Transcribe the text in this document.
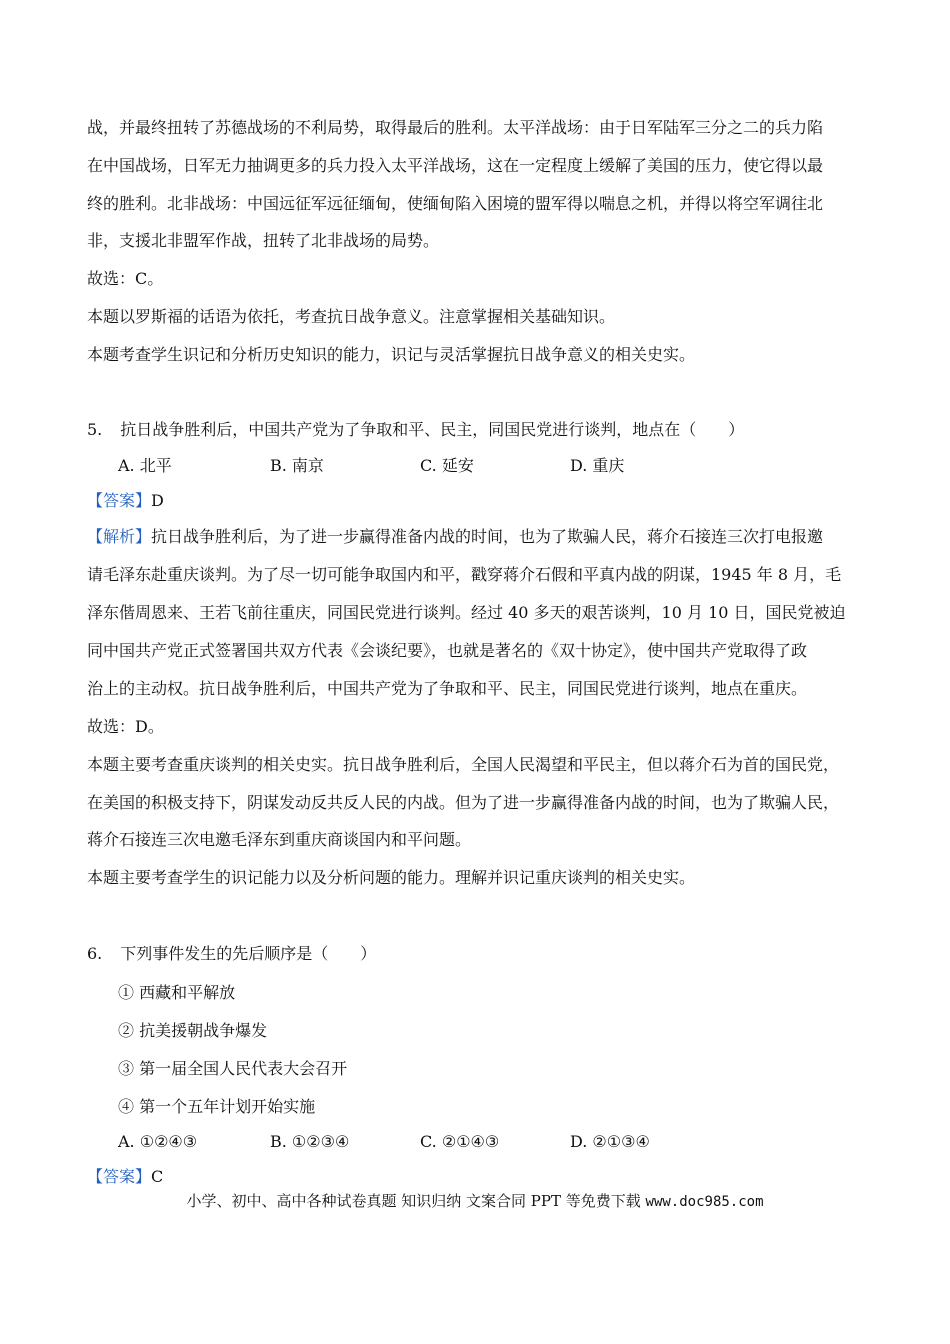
战，并最终扭转了苏德战场的不利局势，取得最后的胜利。太平洋战场：由于日军陆军三分之二的兵力陷
在中国战场，日军无力抽调更多的兵力投入太平洋战场，这在一定程度上缓解了美国的压力，使它得以最
终的胜利。北非战场：中国远征军远征缅甸，使缅甸陷入困境的盟军得以喘息之机，并得以将空军调往北
非，支援北非盟军作战，扭转了北非战场的局势。
故选：C。
本题以罗斯福的话语为依托，考查抗日战争意义。注意掌握相关基础知识。
本题考查学生识记和分析历史知识的能力，识记与灵活掌握抗日战争意义的相关史实。
5. 抗日战争胜利后，中国共产党为了争取和平、民主，同国民党进行谈判，地点在（　　）
A. 北平	B. 南京	C. 延安	D. 重庆
【答案】D
【解析】抗日战争胜利后，为了进一步赢得准备内战的时间，也为了欺骗人民，蒋介石接连三次打电报邀
请毛泽东赴重庆谈判。为了尽一切可能争取国内和平，戳穿蒋介石假和平真内战的阴谋，1945 年 8 月，毛
泽东偕周恩来、王若飞前往重庆，同国民党进行谈判。经过 40 多天的艰苦谈判，10 月 10 日，国民党被迫
同中国共产党正式签署国共双方代表《会谈纪要》，也就是著名的《双十协定》，使中国共产党取得了政
治上的主动权。抗日战争胜利后，中国共产党为了争取和平、民主，同国民党进行谈判，地点在重庆。
故选：D。
本题主要考查重庆谈判的相关史实。抗日战争胜利后，全国人民渴望和平民主，但以蒋介石为首的国民党，
在美国的积极支持下，阴谋发动反共反人民的内战。但为了进一步赢得准备内战的时间，也为了欺骗人民，
蒋介石接连三次电邀毛泽东到重庆商谈国内和平问题。
本题主要考查学生的识记能力以及分析问题的能力。理解并识记重庆谈判的相关史实。
6. 下列事件发生的先后顺序是（　　）
① 西藏和平解放
② 抗美援朝战争爆发
③ 第一届全国人民代表大会召开
④ 第一个五年计划开始实施
A. ①②④③	B. ①②③④	C. ②①④③	D. ②①③④
【答案】C
小学、初中、高中各种试卷真题 知识归纳 文案合同 PPT 等免费下载 www.doc985.com
